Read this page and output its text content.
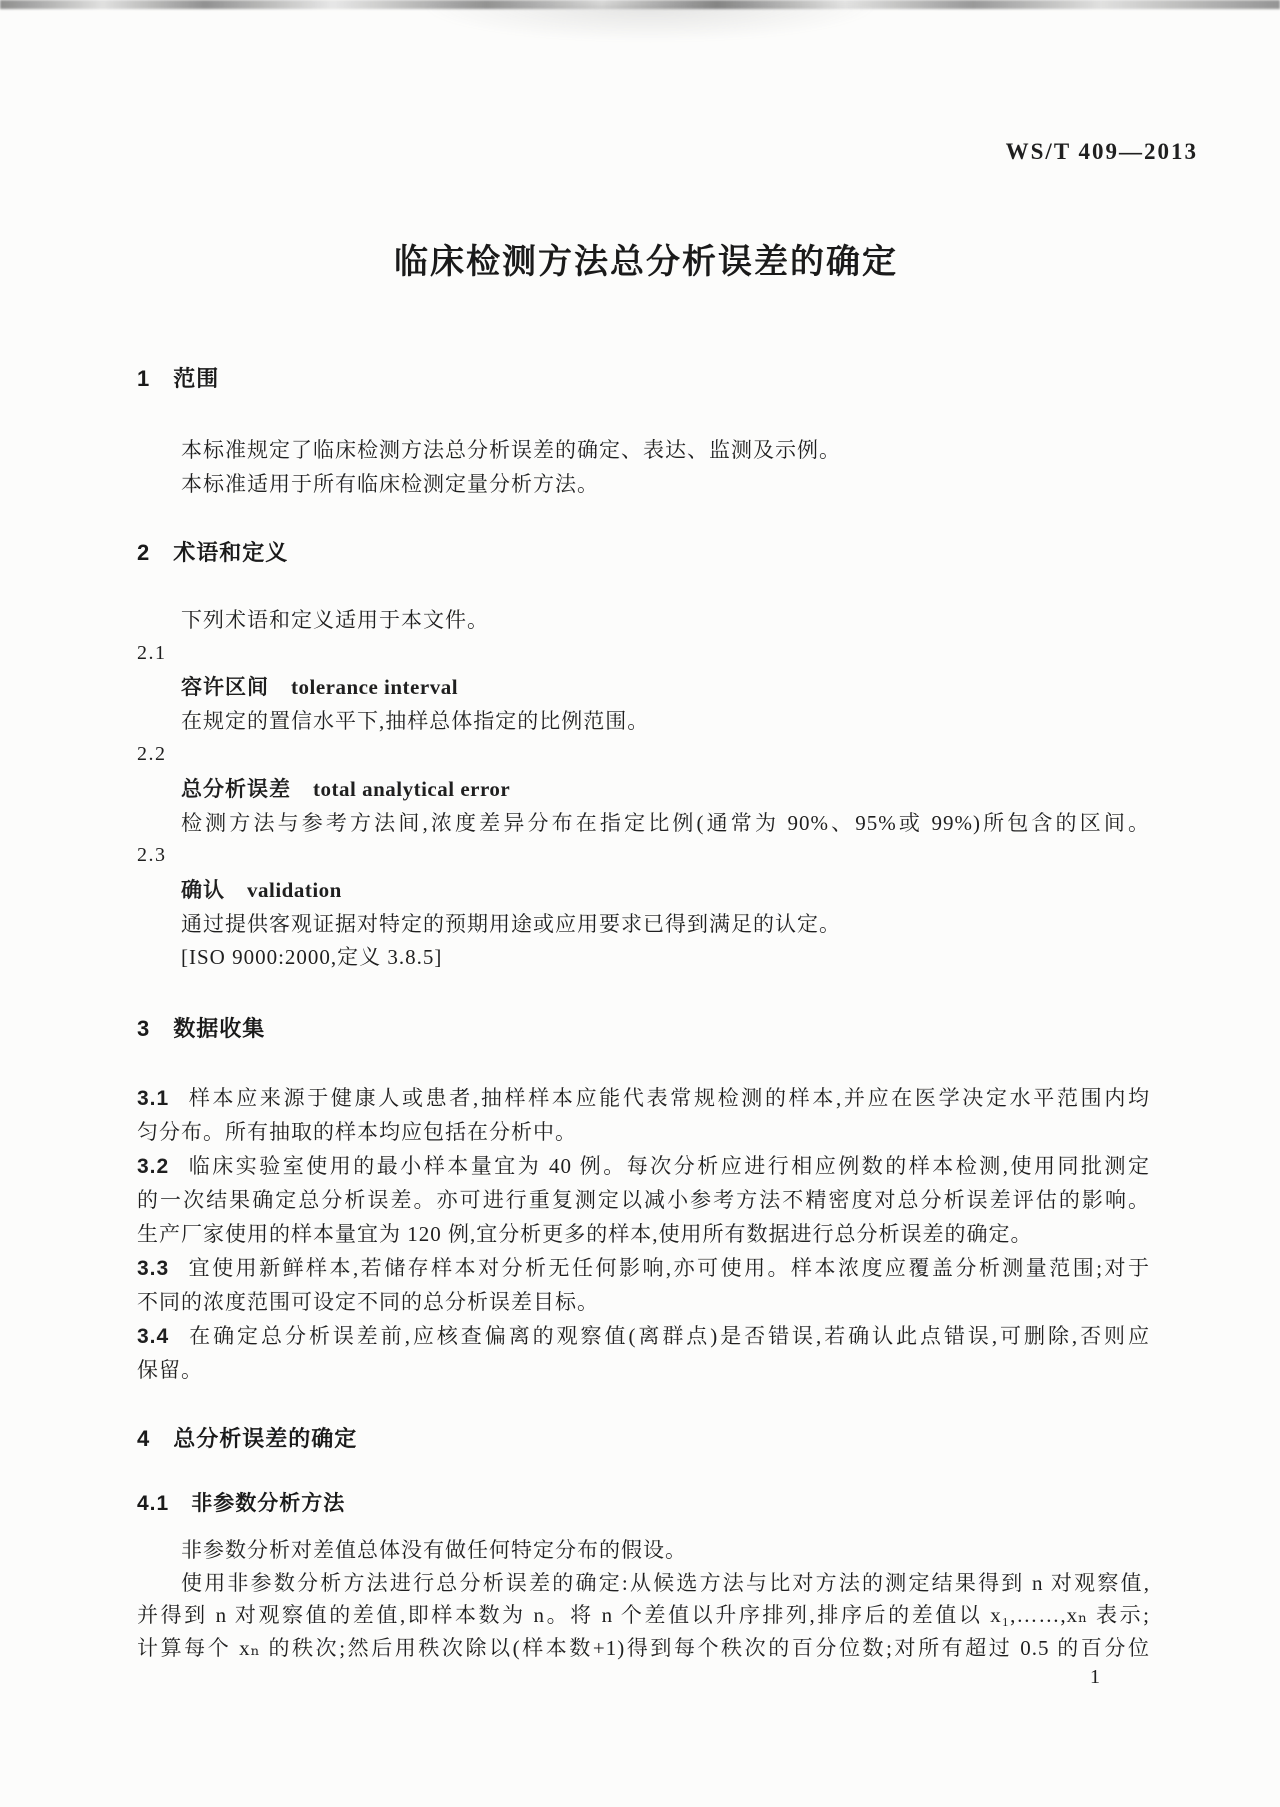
WS/T 409—2013
临床检测方法总分析误差的确定
1　范围
本标准规定了临床检测方法总分析误差的确定、表达、监测及示例。
本标准适用于所有临床检测定量分析方法。
2　术语和定义
下列术语和定义适用于本文件。
2.1
容许区间 tolerance interval
在规定的置信水平下,抽样总体指定的比例范围。
2.2
总分析误差 total analytical error
检测方法与参考方法间,浓度差异分布在指定比例(通常为 90%、95%或 99%)所包含的区间。
2.3
确认 validation
通过提供客观证据对特定的预期用途或应用要求已得到满足的认定。
[ISO 9000:2000,定义 3.8.5]
3　数据收集
3.1 样本应来源于健康人或患者,抽样样本应能代表常规检测的样本,并应在医学决定水平范围内均
匀分布。所有抽取的样本均应包括在分析中。
3.2 临床实验室使用的最小样本量宜为 40 例。每次分析应进行相应例数的样本检测,使用同批测定
的一次结果确定总分析误差。亦可进行重复测定以减小参考方法不精密度对总分析误差评估的影响。
生产厂家使用的样本量宜为 120 例,宜分析更多的样本,使用所有数据进行总分析误差的确定。
3.3 宜使用新鲜样本,若储存样本对分析无任何影响,亦可使用。样本浓度应覆盖分析测量范围;对于
不同的浓度范围可设定不同的总分析误差目标。
3.4 在确定总分析误差前,应核查偏离的观察值(离群点)是否错误,若确认此点错误,可删除,否则应
保留。
4　总分析误差的确定
4.1　非参数分析方法
非参数分析对差值总体没有做任何特定分布的假设。
使用非参数分析方法进行总分析误差的确定:从候选方法与比对方法的测定结果得到 n 对观察值,
并得到 n 对观察值的差值,即样本数为 n。将 n 个差值以升序排列,排序后的差值以 x₁,……,xₙ 表示;
计算每个 xₙ 的秩次;然后用秩次除以(样本数+1)得到每个秩次的百分位数;对所有超过 0.5 的百分位
1
